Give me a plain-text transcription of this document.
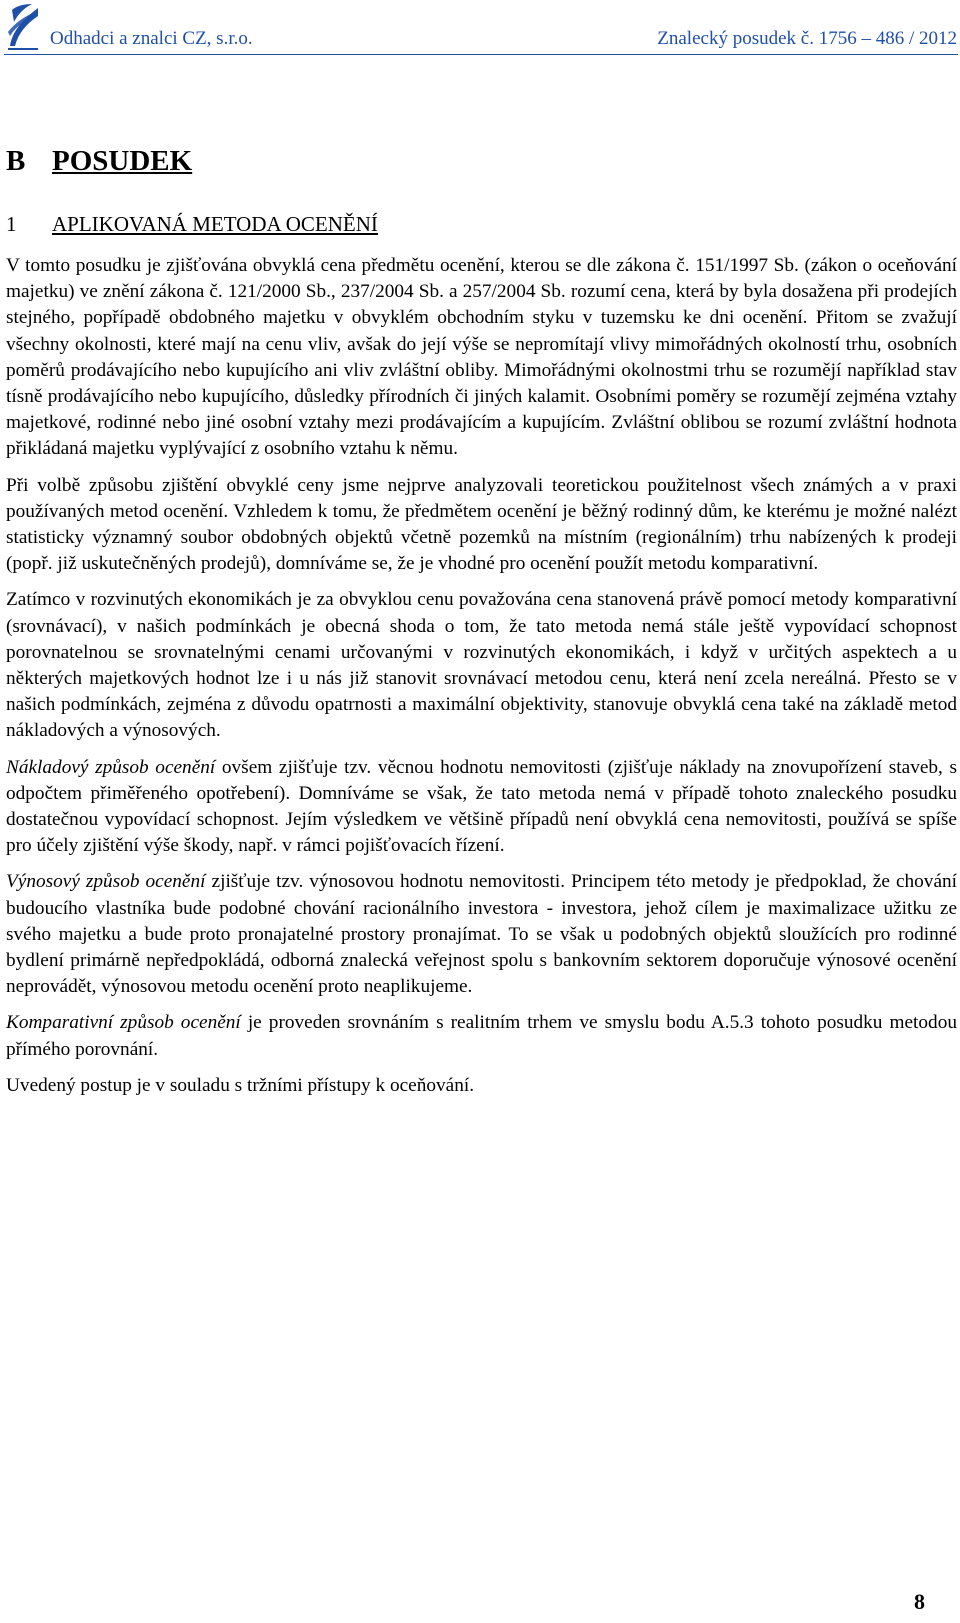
Odhadci a znalci CZ, s.r.o.	Znalecký posudek č. 1756 – 486 / 2012
B POSUDEK
1 APLIKOVANÁ METODA OCENĚNÍ

V tomto posudku je zjišťována obvyklá cena předmětu ocenění, kterou se dle zákona č. 151/1997 Sb. (zákon o oceňování majetku) ve znění zákona č. 121/2000 Sb., 237/2004 Sb. a 257/2004 Sb. rozumí cena, která by byla dosažena při prodejích stejného, popřípadě obdobného majetku v obvyklém obchodním styku v tuzemsku ke dni ocenění. Přitom se zvažují všechny okolnosti, které mají na cenu vliv, avšak do její výše se nepromítají vlivy mimořádných okolností trhu, osobních poměrů prodávajícího nebo kupujícího ani vliv zvláštní obliby. Mimořádnými okolnostmi trhu se rozumějí například stav tísně prodávajícího nebo kupujícího, důsledky přírodních či jiných kalamit. Osobními poměry se rozumějí zejména vztahy majetkové, rodinné nebo jiné osobní vztahy mezi prodávajícím a kupujícím. Zvláštní oblibou se rozumí zvláštní hodnota přikládaná majetku vyplývající z osobního vztahu k němu.

Při volbě způsobu zjištění obvyklé ceny jsme nejprve analyzovali teoretickou použitelnost všech známých a v praxi používaných metod ocenění. Vzhledem k tomu, že předmětem ocenění je běžný rodinný dům, ke kterému je možné nalézt statisticky významný soubor obdobných objektů včetně pozemků na místním (regionálním) trhu nabízených k prodeji (popř. již uskutečněných prodejů), domníváme se, že je vhodné pro ocenění použít metodu komparativní.

Zatímco v rozvinutých ekonomikách je za obvyklou cenu považována cena stanovená právě pomocí metody komparativní (srovnávací), v našich podmínkách je obecná shoda o tom, že tato metoda nemá stále ještě vypovídací schopnost porovnatelnou se srovnatelnými cenami určovanými v rozvinutých ekonomikách, i když v určitých aspektech a u některých majetkových hodnot lze i u nás již stanovit srovnávací metodou cenu, která není zcela nereálná. Přesto se v našich podmínkách, zejména z důvodu opatrnosti a maximální objektivity, stanovuje obvyklá cena také na základě metod nákladových a výnosových.

Nákladový způsob ocenění ovšem zjišťuje tzv. věcnou hodnotu nemovitosti (zjišťuje náklady na znovupořízení staveb, s odpočtem přiměřeného opotřebení). Domníváme se však, že tato metoda nemá v případě tohoto znaleckého posudku dostatečnou vypovídací schopnost. Jejím výsledkem ve většině případů není obvyklá cena nemovitosti, používá se spíše pro účely zjištění výše škody, např. v rámci pojišťovacích řízení.

Výnosový způsob ocenění zjišťuje tzv. výnosovou hodnotu nemovitosti. Principem této metody je předpoklad, že chování budoucího vlastníka bude podobné chování racionálního investora - investora, jehož cílem je maximalizace užitku ze svého majetku a bude proto pronajatelné prostory pronajímat. To se však u podobných objektů sloužících pro rodinné bydlení primárně nepředpokládá, odborná znalecká veřejnost spolu s bankovním sektorem doporučuje výnosové ocenění neprovádět, výnosovou metodu ocenění proto neaplikujeme.

Komparativní způsob ocenění je proveden srovnáním s realitním trhem ve smyslu bodu A.5.3 tohoto posudku metodou přímého porovnání.

Uvedený postup je v souladu s tržními přístupy k oceňování.

8
